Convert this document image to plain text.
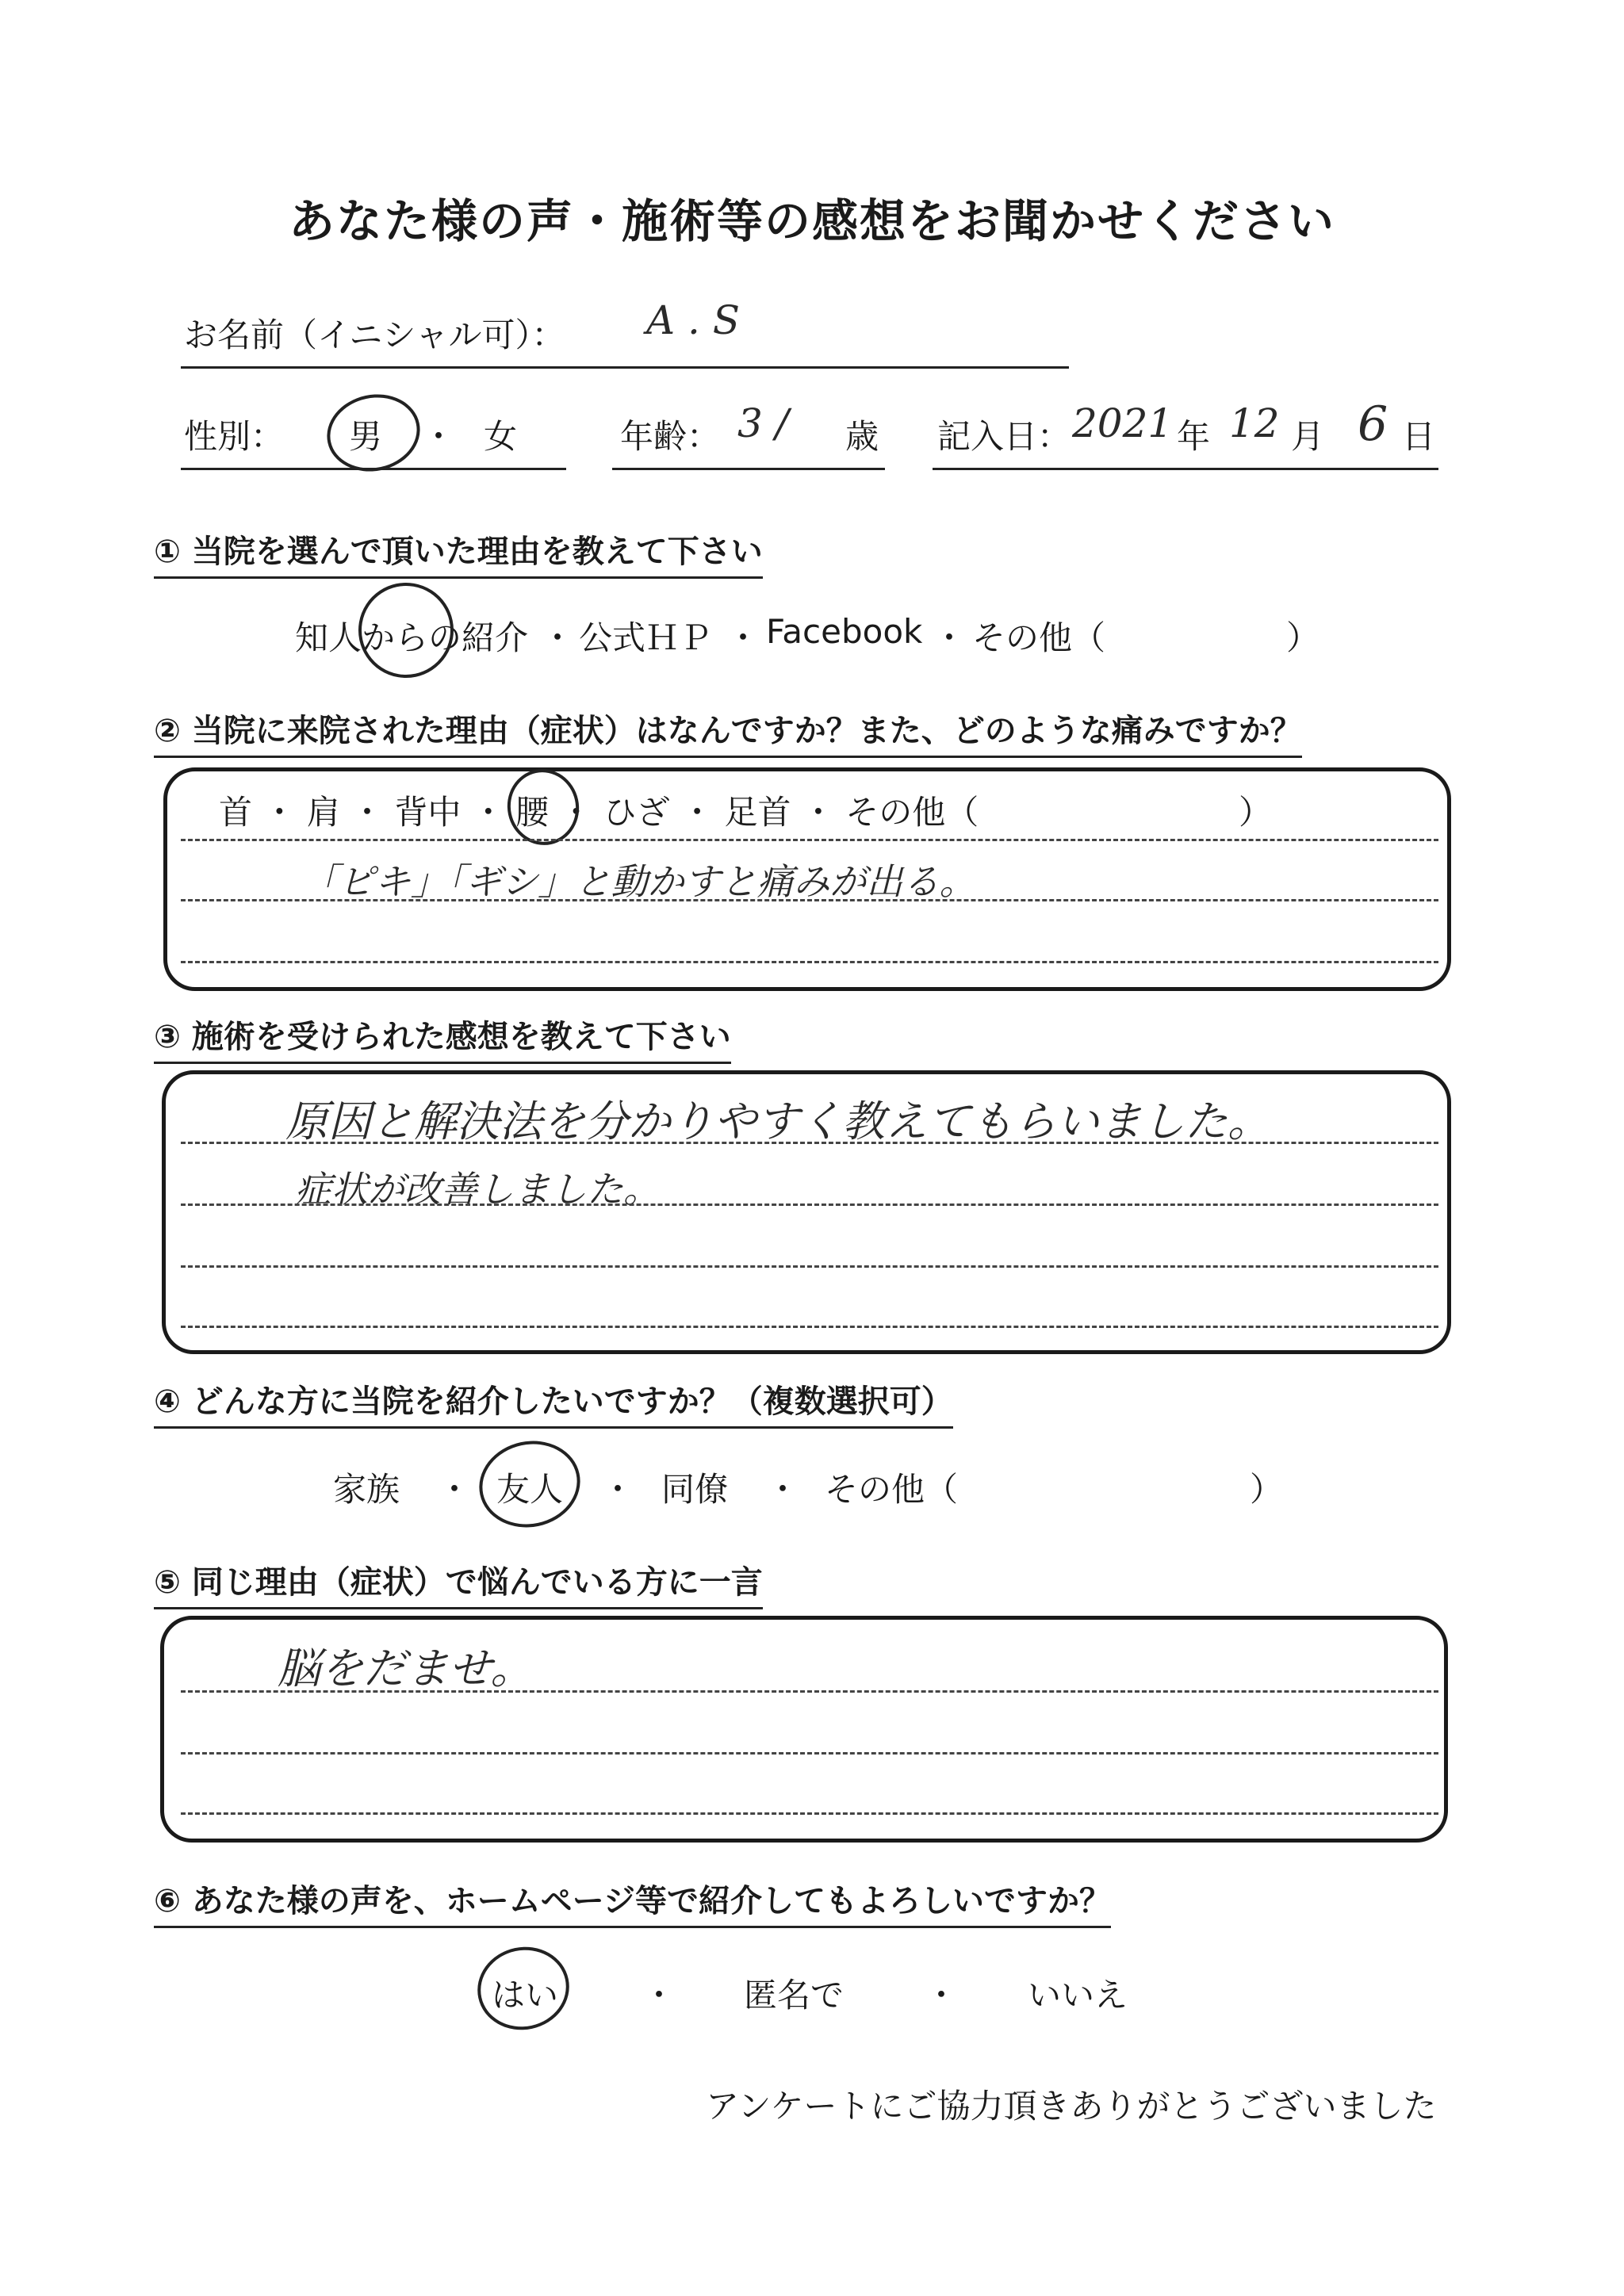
あなた様の声・施術等の感想をお聞かせください
お名前（イニシャル可）： A . S
性別： 男 ・ 女	年齢： 3 / 歳 記入日： 2021 年 12 月 6 日
① 当院を選んで頂いた理由を教えて下さい
知人からの紹介 ・ 公式ＨＰ ・ Facebook ・ その他（	）
② 当院に来院された理由（症状）はなんですか？また、どのような痛みですか？
首 ・ 肩 ・ 背中 ・ 腰 ・ ひざ ・ 足首 ・ その他（	）
「ピキ」「ギシ」と動かすと痛みが出る。
③ 施術を受けられた感想を教えて下さい
原因と解決法を分かりやすく教えてもらいました。
症状が改善しました。
④ どんな方に当院を紹介したいですか？（複数選択可）
家族 ・ 友人 ・ 同僚 ・ その他（	）
⑤ 同じ理由（症状）で悩んでいる方に一言
脳をだませ。
⑥ あなた様の声を、ホームページ等で紹介してもよろしいですか？
はい	・ 匿名で ・ いいえ
アンケートにご協力頂きありがとうございました
